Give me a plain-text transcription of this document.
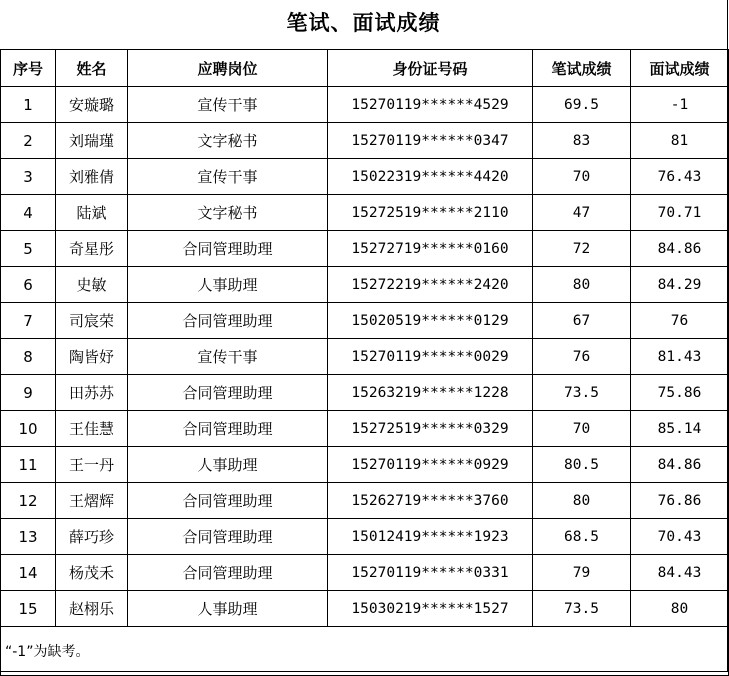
笔试、面试成绩
序号	姓名	应聘岗位	身份证号码	笔试成绩	面试成绩
1	安璇璐	宣传干事	15270119******4529	69.5	-1
2	刘瑞瑾	文字秘书	15270119******0347	83	81
3	刘雅倩	宣传干事	15022319******4420	70	76.43
4	陆斌	文字秘书	15272519******2110	47	70.71
5	奇星彤	合同管理助理	15272719******0160	72	84.86
6	史敏	人事助理	15272219******2420	80	84.29
7	司宸荣	合同管理助理	15020519******0129	67	76
8	陶皆妤	宣传干事	15270119******0029	76	81.43
9	田苏苏	合同管理助理	15263219******1228	73.5	75.86
10	王佳慧	合同管理助理	15272519******0329	70	85.14
11	王一丹	人事助理	15270119******0929	80.5	84.86
12	王熠辉	合同管理助理	15262719******3760	80	76.86
13	薛巧珍	合同管理助理	15012419******1923	68.5	70.43
14	杨茂禾	合同管理助理	15270119******0331	79	84.43
15	赵栩乐	人事助理	15030219******1527	73.5	80
“-1”为缺考。					
